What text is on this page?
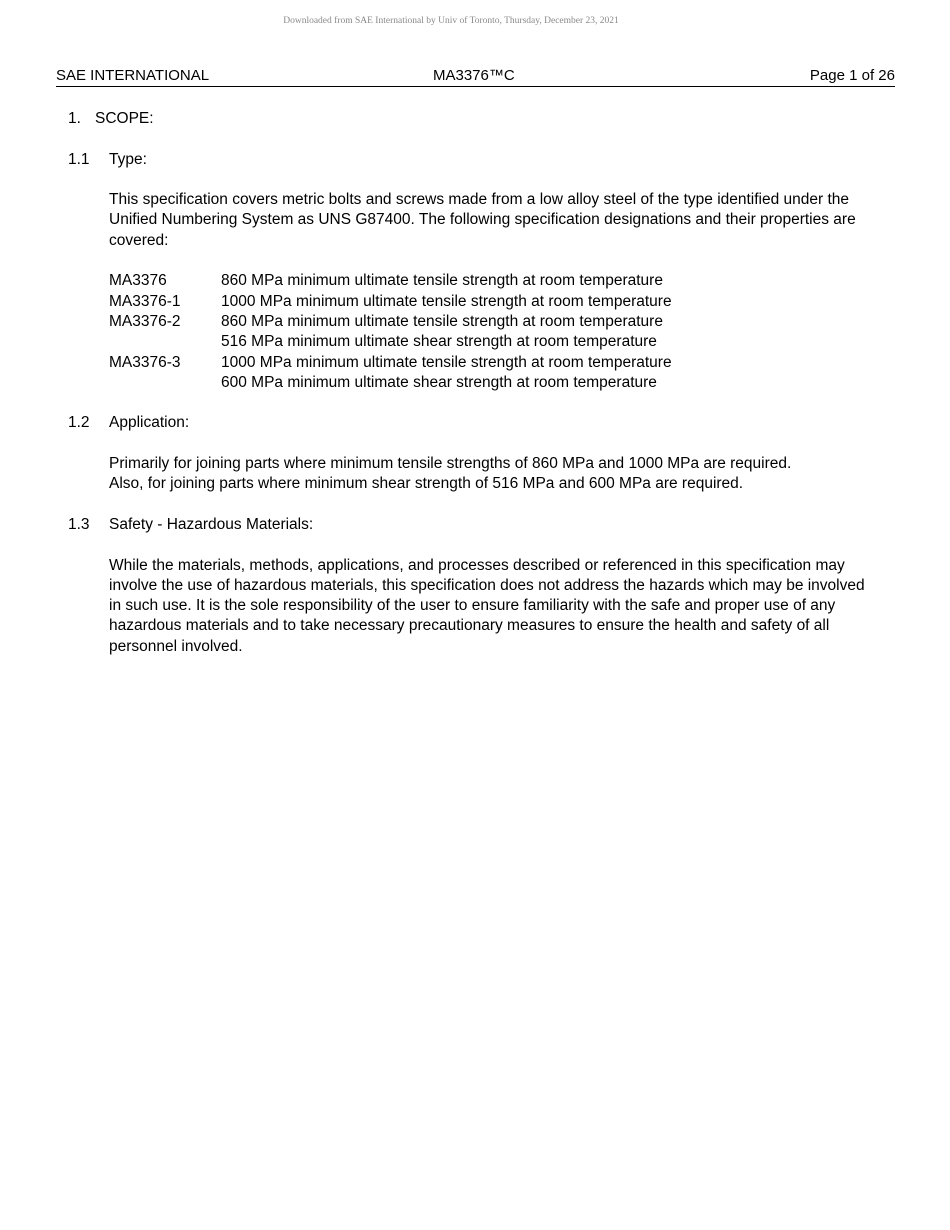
Downloaded from SAE International by Univ of Toronto, Thursday, December 23, 2021
SAE INTERNATIONAL	MA3376™C	Page 1 of 26
1. SCOPE:
1.1 Type:

This specification covers metric bolts and screws made from a low alloy steel of the type identified under the Unified Numbering System as UNS G87400. The following specification designations and their properties are covered:

MA3376	860 MPa minimum ultimate tensile strength at room temperature

MA3376-1	1000 MPa minimum ultimate tensile strength at room temperature

MA3376-2	860 MPa minimum ultimate tensile strength at room temperature
516 MPa minimum ultimate shear strength at room temperature

MA3376-3	1000 MPa minimum ultimate tensile strength at room temperature
600 MPa minimum ultimate shear strength at room temperature
1.2 Application:
Primarily for joining parts where minimum tensile strengths of 860 MPa and 1000 MPa are required.
Also, for joining parts where minimum shear strength of 516 MPa and 600 MPa are required.
1.3 Safety - Hazardous Materials:

While the materials, methods, applications, and processes described or referenced in this specification may involve the use of hazardous materials, this specification does not address the hazards which may be involved in such use. It is the sole responsibility of the user to ensure familiarity with the safe and proper use of any hazardous materials and to take necessary precautionary measures to ensure the health and safety of all personnel involved.
